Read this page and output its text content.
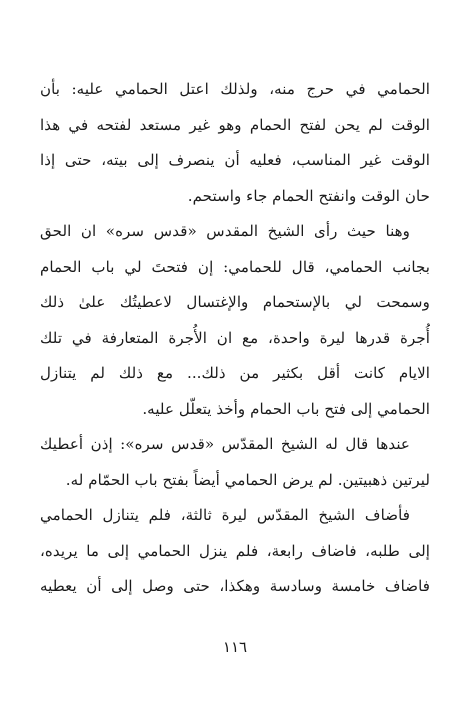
الحمامي في حرج منه، ولذلك اعتل الحمامي عليه: بأن
الوقت لم يحن لفتح الحمام وهو غير مستعد لفتحه في هذا
الوقت غير المناسب، فعليه أن ينصرف إلى بيته، حتى إذا
حان الوقت وانفتح الحمام جاء واستحم.
وهنا حيث رأى الشيخ المقدس «قدس سره» ان الحق
بجانب الحمامي، قال للحمامي: إن فتحتَ لي باب الحمام
وسمحت لي بالإستحمام والإغتسال لاعطيتُك علىٰ ذلك
أُجرة قدرها ليرة واحدة، مع ان الأُجرة المتعارفة في تلك
الايام كانت أقل بكثير من ذلك... مع ذلك لم يتنازل
الحمامي إلى فتح باب الحمام وأخذ يتعلّل عليه.
عندها قال له الشيخ المقدّس «قدس سره»: إذن أعطيك
ليرتين ذهبيتين. لم يرض الحمامي أيضاً بفتح باب الحمّام له.
فأضاف الشيخ المقدّس ليرة ثالثة، فلم يتنازل الحمامي
إلى طلبه، فاضاف رابعة، فلم ينزل الحمامي إلى ما يريده،
فاضاف خامسة وسادسة وهكذا، حتى وصل إلى أن يعطيه
١١٦
